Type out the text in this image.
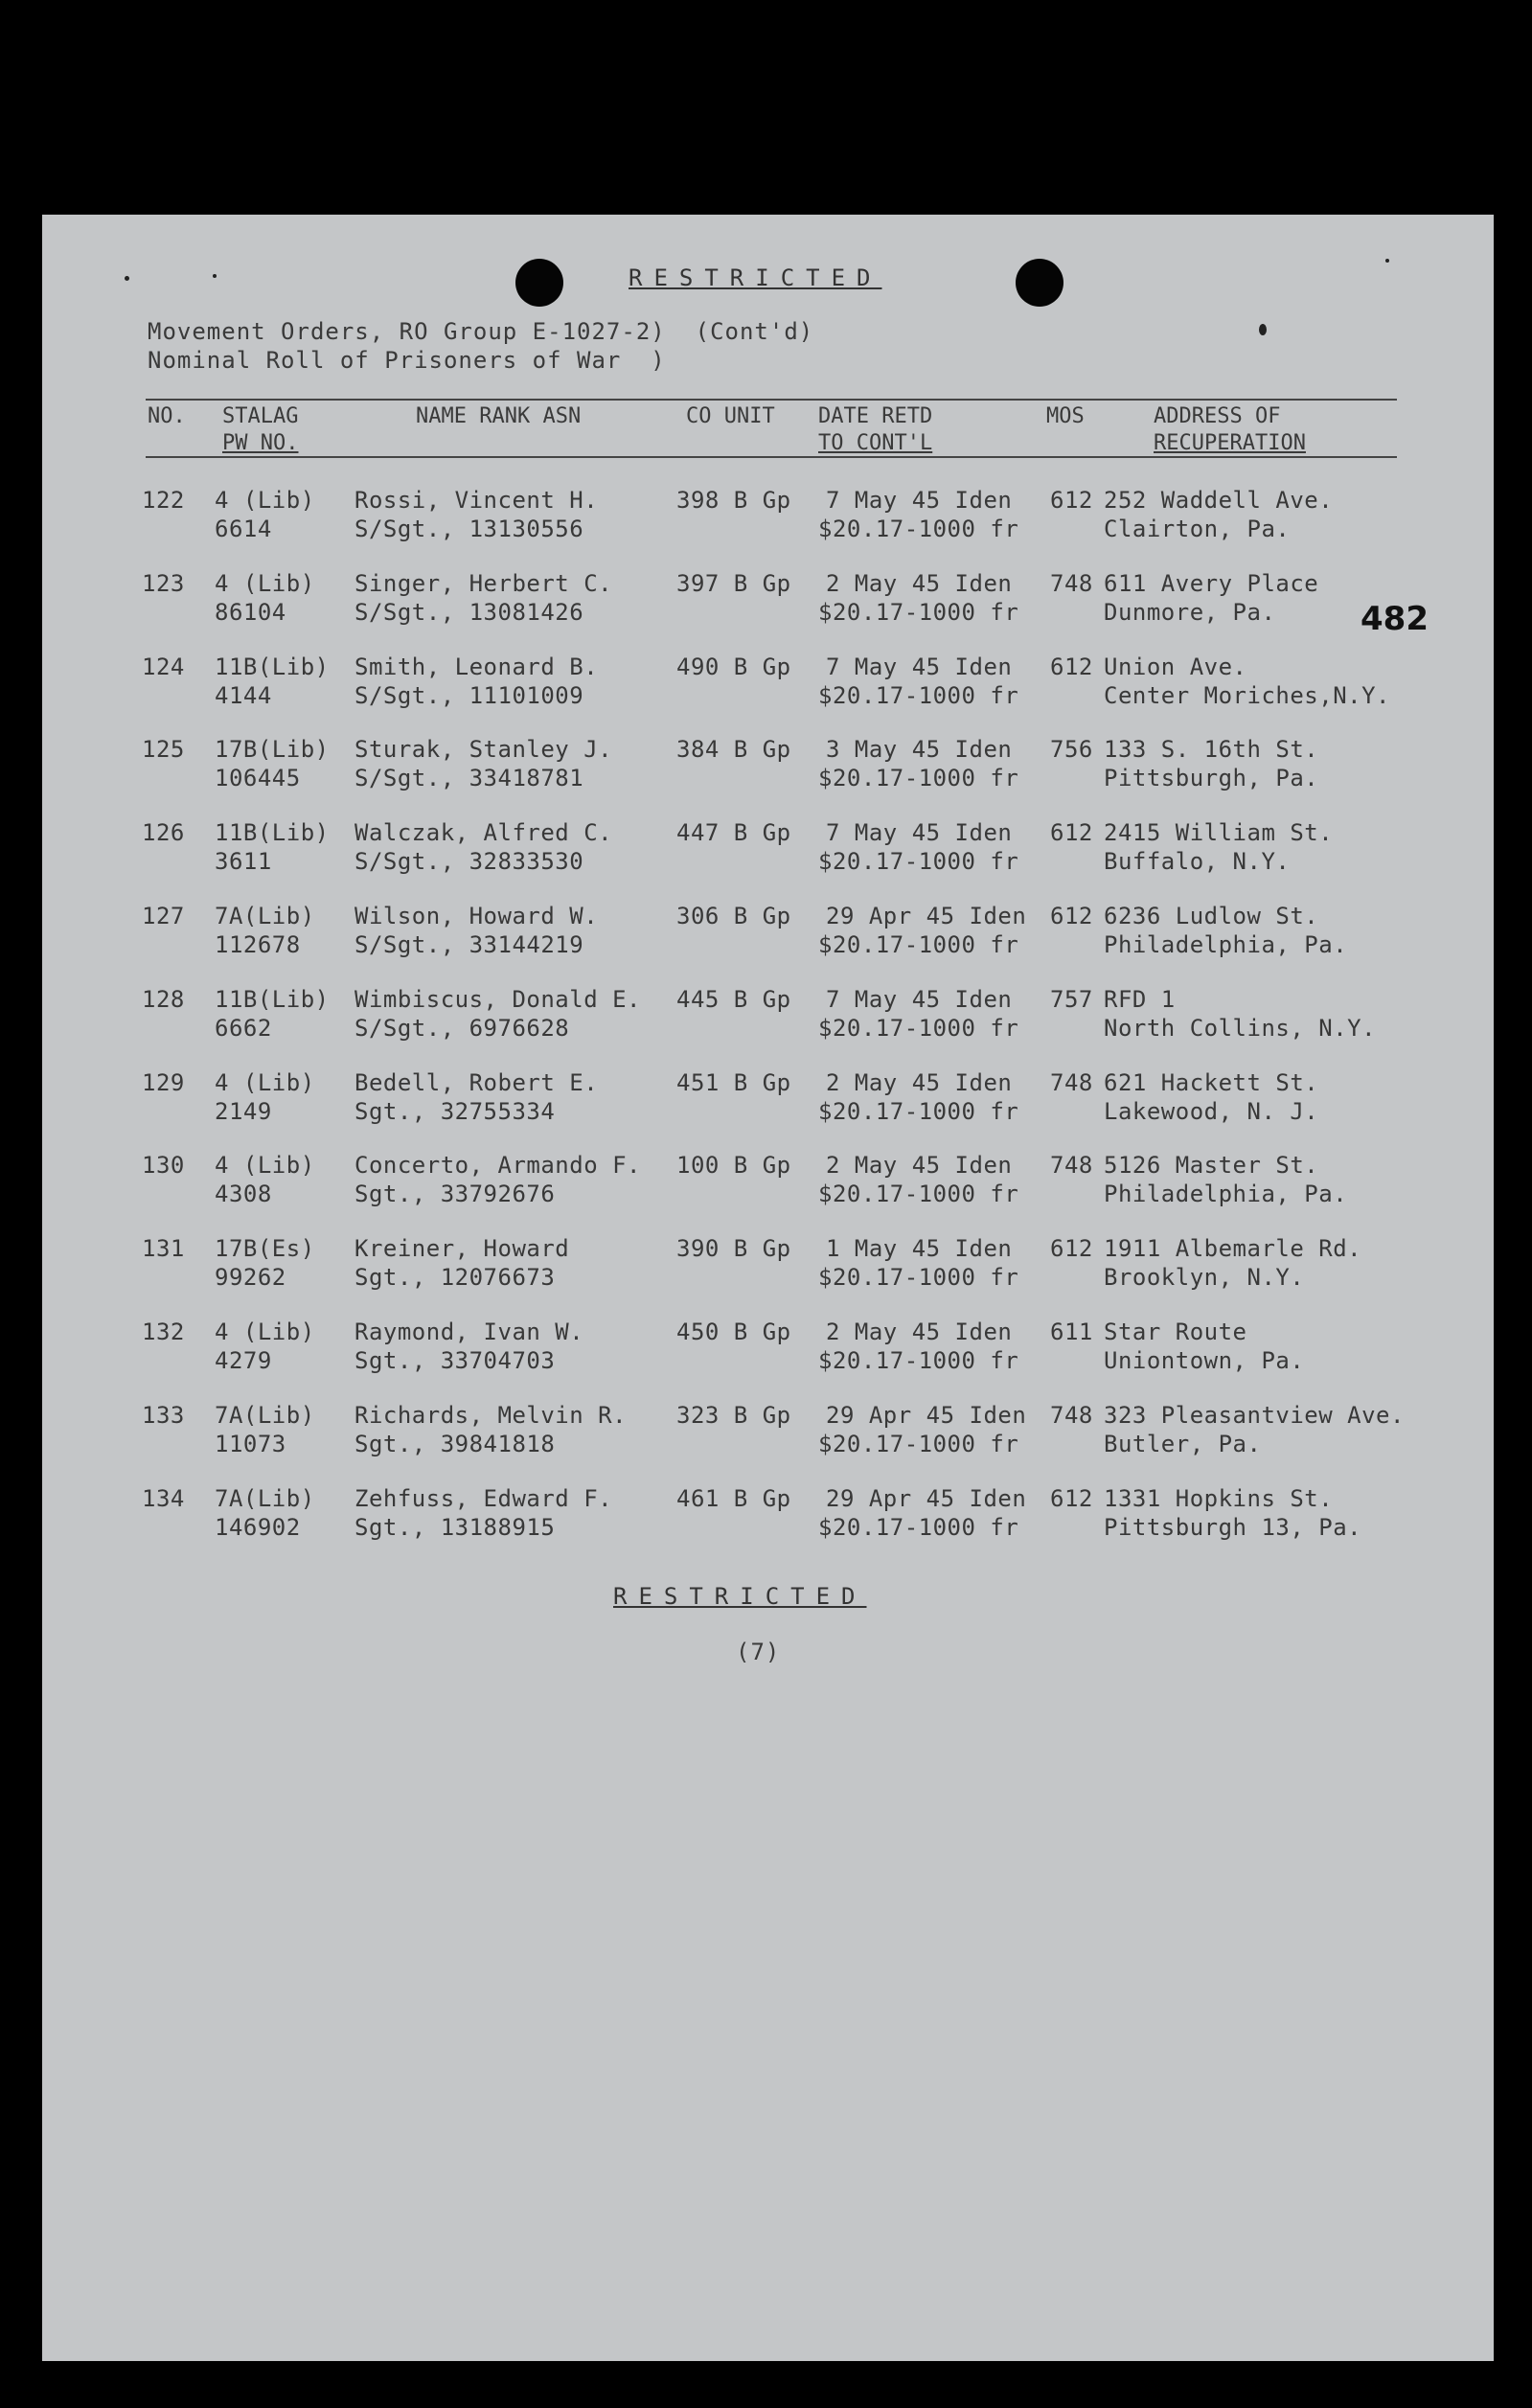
RESTRICTED
Movement Orders, RO Group E-1027-2)  (Cont'd)
Nominal Roll of Prisoners of War  )
482
NO. STALAG
PW NO.
NAME RANK ASN	CO UNIT DATE RETD
TO CONT'L
MOS	ADDRESS OF
RECUPERATION
122 4 (Lib)
6614
Rossi, Vincent H.
S/Sgt., 13130556
398 B Gp 7 May 45 Iden
$20.17-1000 fr
612 252 Waddell Ave.
Clairton, Pa.
123 4 (Lib)
86104
Singer, Herbert C.
S/Sgt., 13081426
397 B Gp 2 May 45 Iden
$20.17-1000 fr
748 611 Avery Place
Dunmore, Pa.
124 11B(Lib)
4144
Smith, Leonard B.
S/Sgt., 11101009
490 B Gp 7 May 45 Iden
$20.17-1000 fr
612 Union Ave.
Center Moriches,N.Y.
125 17B(Lib)
106445
Sturak, Stanley J.
S/Sgt., 33418781
384 B Gp 3 May 45 Iden
$20.17-1000 fr
756 133 S. 16th St.
Pittsburgh, Pa.
126 11B(Lib)
3611
Walczak, Alfred C.
S/Sgt., 32833530
447 B Gp 7 May 45 Iden
$20.17-1000 fr
612 2415 William St.
Buffalo, N.Y.
127 7A(Lib)
112678
Wilson, Howard W.
S/Sgt., 33144219
306 B Gp 29 Apr 45 Iden
$20.17-1000 fr
612 6236 Ludlow St.
Philadelphia, Pa.
128 11B(Lib)
6662
Wimbiscus, Donald E.
S/Sgt., 6976628
445 B Gp 7 May 45 Iden
$20.17-1000 fr
757 RFD 1
North Collins, N.Y.
129 4 (Lib)
2149
Bedell, Robert E.
Sgt., 32755334
451 B Gp 2 May 45 Iden
$20.17-1000 fr
748 621 Hackett St.
Lakewood, N. J.
130 4 (Lib)
4308
Concerto, Armando F.
Sgt., 33792676
100 B Gp 2 May 45 Iden
$20.17-1000 fr
748 5126 Master St.
Philadelphia, Pa.
131 17B(Es)
99262
Kreiner, Howard
Sgt., 12076673
390 B Gp 1 May 45 Iden
$20.17-1000 fr
612 1911 Albemarle Rd.
Brooklyn, N.Y.
132 4 (Lib)
4279
Raymond, Ivan W.
Sgt., 33704703
450 B Gp 2 May 45 Iden
$20.17-1000 fr
611 Star Route
Uniontown, Pa.
133 7A(Lib)
11073
Richards, Melvin R.
Sgt., 39841818
323 B Gp 29 Apr 45 Iden
$20.17-1000 fr
748 323 Pleasantview Ave.
Butler, Pa.
134 7A(Lib)
146902
Zehfuss, Edward F.
Sgt., 13188915
461 B Gp 29 Apr 45 Iden
$20.17-1000 fr
612 1331 Hopkins St.
Pittsburgh 13, Pa.
RESTRICTED
(7)
